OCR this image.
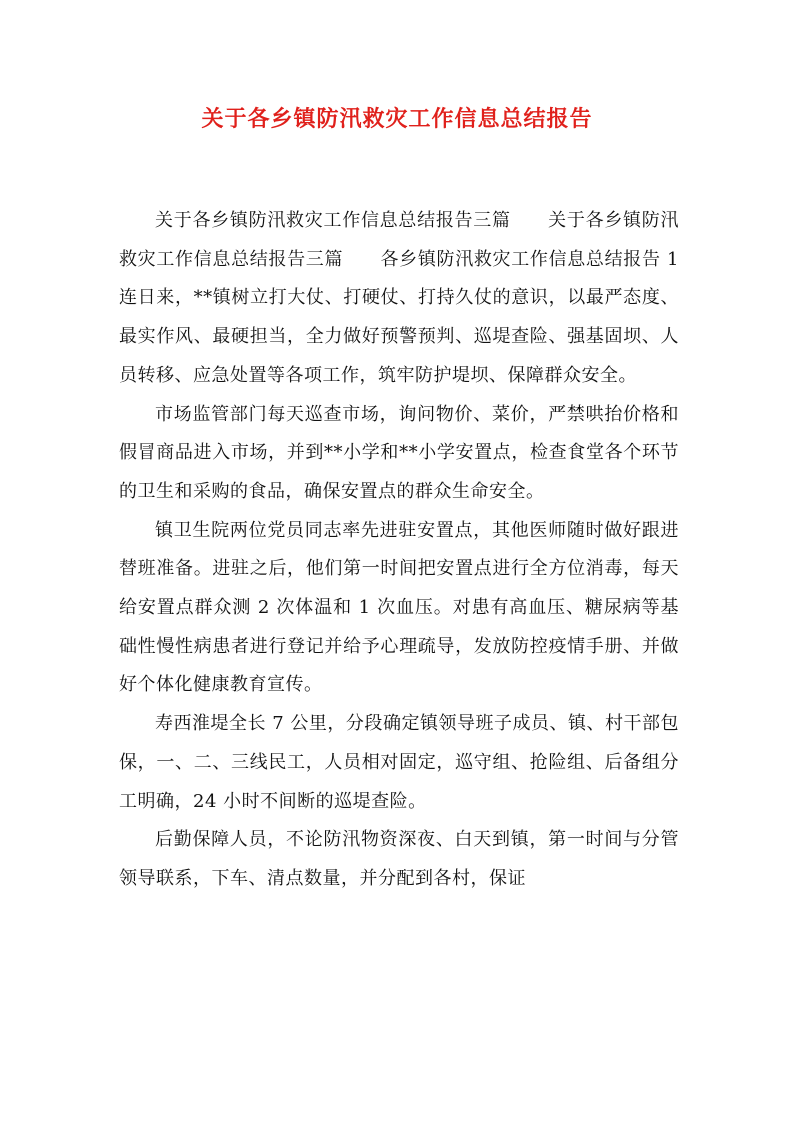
关于各乡镇防汛救灾工作信息总结报告

关于各乡镇防汛救灾工作信息总结报告三篇　　关于各乡镇防汛救灾工作信息总结报告三篇　　各乡镇防汛救灾工作信息总结报告 1　　连日来，**镇树立打大仗、打硬仗、打持久仗的意识，以最严态度、最实作风、最硬担当，全力做好预警预判、巡堤查险、强基固坝、人员转移、应急处置等各项工作，筑牢防护堤坝、保障群众安全。

市场监管部门每天巡查市场，询问物价、菜价，严禁哄抬价格和假冒商品进入市场，并到**小学和**小学安置点，检查食堂各个环节的卫生和采购的食品，确保安置点的群众生命安全。

镇卫生院两位党员同志率先进驻安置点，其他医师随时做好跟进替班准备。进驻之后，他们第一时间把安置点进行全方位消毒，每天给安置点群众测 2 次体温和 1 次血压。对患有高血压、糖尿病等基础性慢性病患者进行登记并给予心理疏导，发放防控疫情手册、并做好个体化健康教育宣传。

寿西淮堤全长 7 公里，分段确定镇领导班子成员、镇、村干部包保，一、二、三线民工，人员相对固定，巡守组、抢险组、后备组分工明确，24 小时不间断的巡堤查险。

后勤保障人员，不论防汛物资深夜、白天到镇，第一时间与分管领导联系，下车、清点数量，并分配到各村，保证
